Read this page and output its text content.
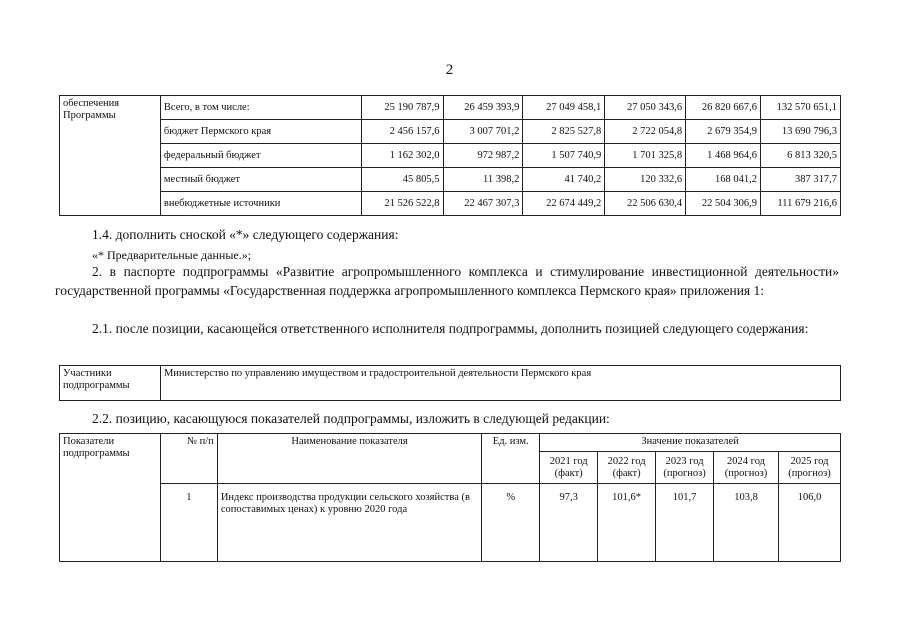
2
обеспечения Программы	Всего, в том числе:	25 190 787,9	26 459 393,9	27 049 458,1	27 050 343,6	26 820 667,6	132 570 651,1
	бюджет Пермского края	2 456 157,6	3 007 701,2	2 825 527,8	2 722 054,8	2 679 354,9	13 690 796,3
	федеральный бюджет	1 162 302,0	972 987,2	1 507 740,9	1 701 325,8	1 468 964,6	6 813 320,5
	местный бюджет	45 805,5	11 398,2	41 740,2	120 332,6	168 041,2	387 317,7
	внебюджетные источники	21 526 522,8	22 467 307,3	22 674 449,2	22 506 630,4	22 504 306,9	111 679 216,6
1.4. дополнить сноской «*» следующего содержания:
«* Предварительные данные.»;
2. в паспорте подпрограммы «Развитие агропромышленного комплекса и стимулирование инвестиционной деятельности» государственной программы «Государственная поддержка агропромышленного комплекса Пермского края» приложения 1:
2.1. после позиции, касающейся ответственного исполнителя подпрограммы, дополнить позицией следующего содержания:
Участники подпрограммы	Министерство по управлению имуществом и градостроительной деятельности Пермского края
2.2. позицию, касающуюся показателей подпрограммы, изложить в следующей редакции:
Показатели подпрограммы	№ п/п	Наименование показателя	Ед. изм.	Значение показателей				
				2021 год (факт)	2022 год (факт)	2023 год (прогноз)	2024 год (прогноз)	2025 год (прогноз)
	1	Индекс производства продукции сельского хозяйства (в сопоставимых ценах) к уровню 2020 года	%	97,3	101,6*	101,7	103,8	106,0
